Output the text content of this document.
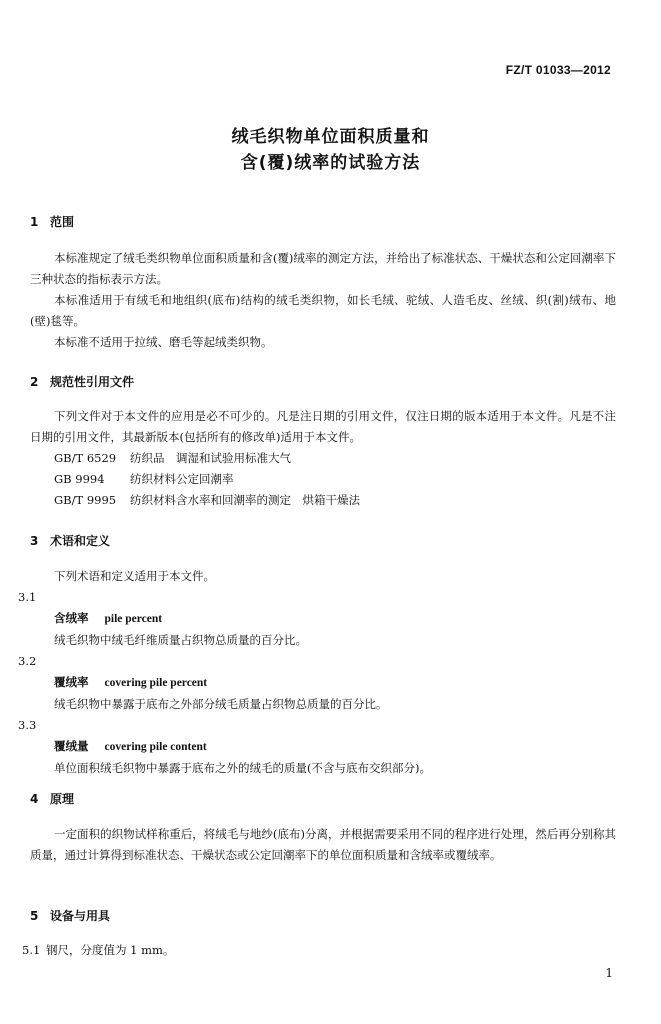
FZ/T 01033—2012
绒毛织物单位面积质量和
含(覆)绒率的试验方法
1 范围

本标准规定了绒毛类织物单位面积质量和含(覆)绒率的测定方法，并给出了标准状态、干燥状态和公定回潮率下三种状态的指标表示方法。

本标准适用于有绒毛和地组织(底布)结构的绒毛类织物，如长毛绒、驼绒、人造毛皮、丝绒、织(割)绒布、地(壁)毯等。

本标准不适用于拉绒、磨毛等起绒类织物。

2 规范性引用文件

下列文件对于本文件的应用是必不可少的。凡是注日期的引用文件，仅注日期的版本适用于本文件。凡是不注日期的引用文件，其最新版本(包括所有的修改单)适用于本文件。

GB/T 6529 纺织品　调湿和试验用标准大气
GB 9994 纺织材料公定回潮率
GB/T 9995 纺织材料含水率和回潮率的测定　烘箱干燥法
3 术语和定义

下列术语和定义适用于本文件。

3.1
含绒率 pile percent
绒毛织物中绒毛纤维质量占织物总质量的百分比。
3.2
覆绒率 covering pile percent
绒毛织物中暴露于底布之外部分绒毛质量占织物总质量的百分比。
3.3
覆绒量 covering pile content
单位面积绒毛织物中暴露于底布之外的绒毛的质量(不含与底布交织部分)。
4 原理

一定面积的织物试样称重后，将绒毛与地纱(底布)分离，并根据需要采用不同的程序进行处理，然后再分别称其质量，通过计算得到标准状态、干燥状态或公定回潮率下的单位面积质量和含绒率或覆绒率。

5 设备与用具
5.1 钢尺，分度值为 1 mm。
1
